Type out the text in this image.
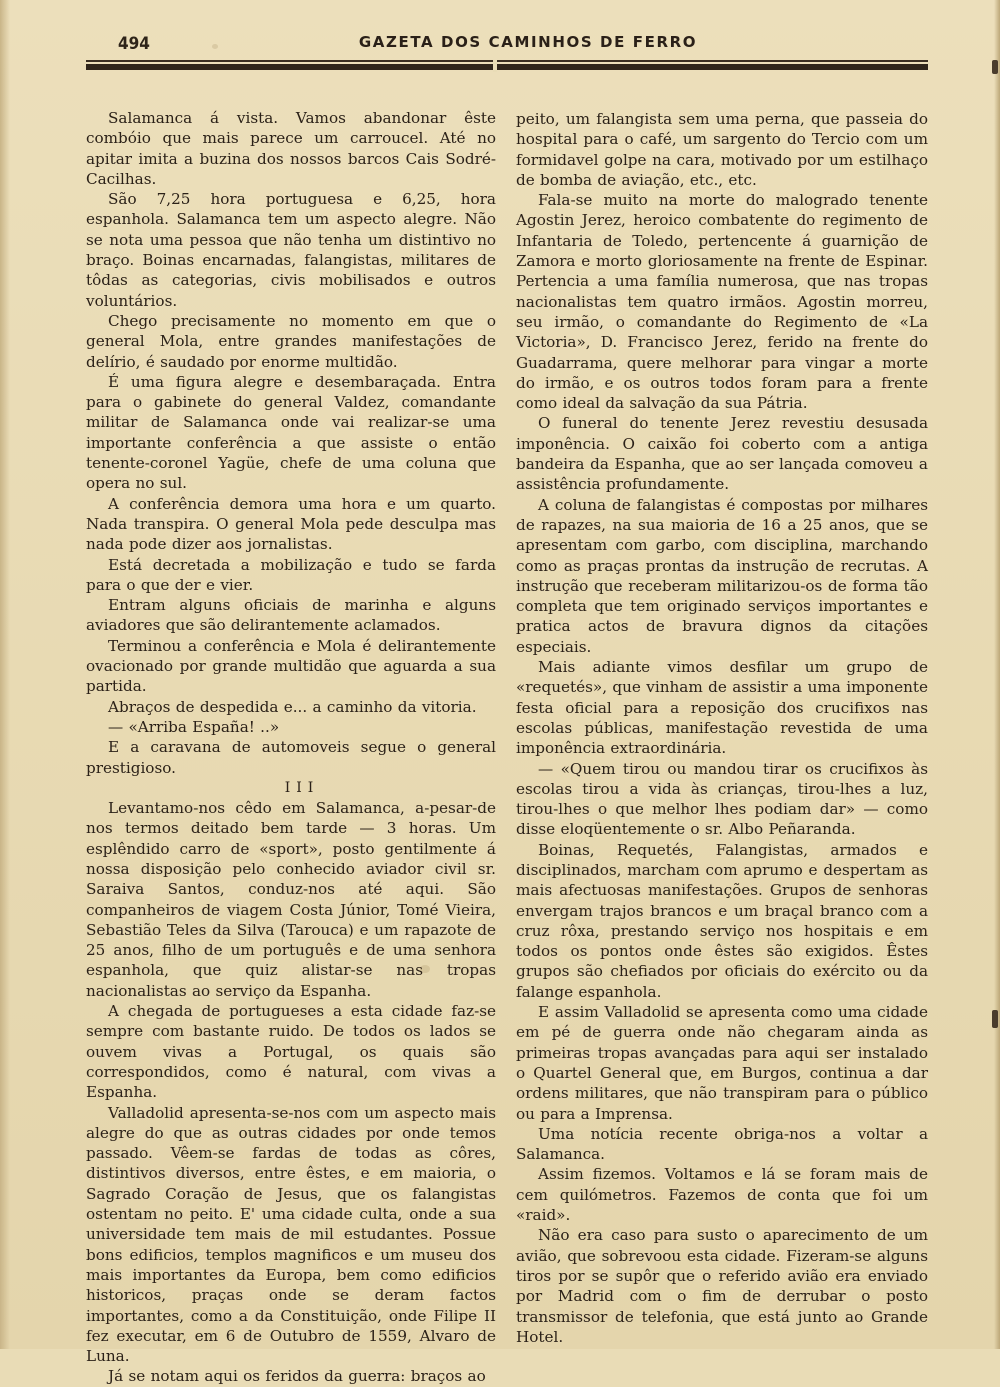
494	GAZETA DOS CAMINHOS DE FERRO

Salamanca á vista. Vamos abandonar êste combóio que mais parece um carroucel. Até no apitar imita a buzina dos nossos barcos Cais Sodré-Cacilhas.

São 7,25 hora portuguesa e 6,25, hora espanhola. Salamanca tem um aspecto alegre. Não se nota uma pessoa que não tenha um distintivo no braço. Boinas encarnadas, falangistas, militares de tôdas as categorias, civis mobilisados e outros voluntários.

Chego precisamente no momento em que o general Mola, entre grandes manifestações de delírio, é saudado por enorme multidão.

É uma figura alegre e desembaraçada. Entra para o gabinete do general Valdez, comandante militar de Salamanca onde vai realizar-se uma importante conferência a que assiste o então tenente-coronel Yagüe, chefe de uma coluna que opera no sul.

A conferência demora uma hora e um quarto. Nada transpira. O general Mola pede desculpa mas nada pode dizer aos jornalistas.

Está decretada a mobilização e tudo se farda para o que der e vier.

Entram alguns oficiais de marinha e alguns aviadores que são delirantemente aclamados.

Terminou a conferência e Mola é delirantemente ovacionado por grande multidão que aguarda a sua partida.

Abraços de despedida e... a caminho da vitoria.

— «Arriba España! ..»

E a caravana de automoveis segue o general prestigioso.

III

Levantamo-nos cêdo em Salamanca, a-pesar-de nos termos deitado bem tarde — 3 horas. Um esplêndido carro de «sport», posto gentilmente á nossa disposição pelo conhecido aviador civil sr. Saraiva Santos, conduz-nos até aqui. São companheiros de viagem Costa Júnior, Tomé Vieira, Sebastião Teles da Silva (Tarouca) e um rapazote de 25 anos, filho de um português e de uma senhora espanhola, que quiz alistar-se nas tropas nacionalistas ao serviço da Espanha.

A chegada de portugueses a esta cidade faz-se sempre com bastante ruido. De todos os lados se ouvem vivas a Portugal, os quais são correspondidos, como é natural, com vivas a Espanha.

Valladolid apresenta-se-nos com um aspecto mais alegre do que as outras cidades por onde temos passado. Vêem-se fardas de todas as côres, distintivos diversos, entre êstes, e em maioria, o Sagrado Coração de Jesus, que os falangistas ostentam no peito. E' uma cidade culta, onde a sua universidade tem mais de mil estudantes. Possue bons edificios, templos magnificos e um museu dos mais importantes da Europa, bem como edificios historicos, praças onde se deram factos importantes, como a da Constituição, onde Filipe II fez executar, em 6 de Outubro de 1559, Alvaro de Luna.

Já se notam aqui os feridos da guerra: braços ao

peito, um falangista sem uma perna, que passeia do hospital para o café, um sargento do Tercio com um formidavel golpe na cara, motivado por um estilhaço de bomba de aviação, etc., etc.

Fala-se muito na morte do malogrado tenente Agostin Jerez, heroico combatente do regimento de Infantaria de Toledo, pertencente á guarnição de Zamora e morto gloriosamente na frente de Espinar. Pertencia a uma família numerosa, que nas tropas nacionalistas tem quatro irmãos. Agostin morreu, seu irmão, o comandante do Regimento de «La Victoria», D. Francisco Jerez, ferido na frente do Guadarrama, quere melhorar para vingar a morte do irmão, e os outros todos foram para a frente como ideal da salvação da sua Pátria.

O funeral do tenente Jerez revestiu desusada imponência. O caixão foi coberto com a antiga bandeira da Espanha, que ao ser lançada comoveu a assistência profundamente.

A coluna de falangistas é compostas por milhares de rapazes, na sua maioria de 16 a 25 anos, que se apresentam com garbo, com disciplina, marchando como as praças prontas da instrução de recrutas. A instrução que receberam militarizou-os de forma tão completa que tem originado serviços importantes e pratica actos de bravura dignos da citações especiais.

Mais adiante vimos desfilar um grupo de «requetés», que vinham de assistir a uma imponente festa oficial para a reposição dos crucifixos nas escolas públicas, manifestação revestida de uma imponência extraordinária.

— «Quem tirou ou mandou tirar os crucifixos às escolas tirou a vida às crianças, tirou-lhes a luz, tirou-lhes o que melhor lhes podiam dar» — como disse eloqüentemente o sr. Albo Peñaranda.

Boinas, Requetés, Falangistas, armados e disciplinados, marcham com aprumo e despertam as mais afectuosas manifestações. Grupos de senhoras envergam trajos brancos e um braçal branco com a cruz rôxa, prestando serviço nos hospitais e em todos os pontos onde êstes são exigidos. Êstes grupos são chefiados por oficiais do exército ou da falange espanhola.

E assim Valladolid se apresenta como uma cidade em pé de guerra onde não chegaram ainda as primeiras tropas avançadas para aqui ser instalado o Quartel General que, em Burgos, continua a dar ordens militares, que não transpiram para o público ou para a Imprensa.

Uma notícia recente obriga-nos a voltar a Salamanca.

Assim fizemos. Voltamos e lá se foram mais de cem quilómetros. Fazemos de conta que foi um «raid».

Não era caso para susto o aparecimento de um avião, que sobrevoou esta cidade. Fizeram-se alguns tiros por se supôr que o referido avião era enviado por Madrid com o fim de derrubar o posto transmissor de telefonia, que está junto ao Grande Hotel.
